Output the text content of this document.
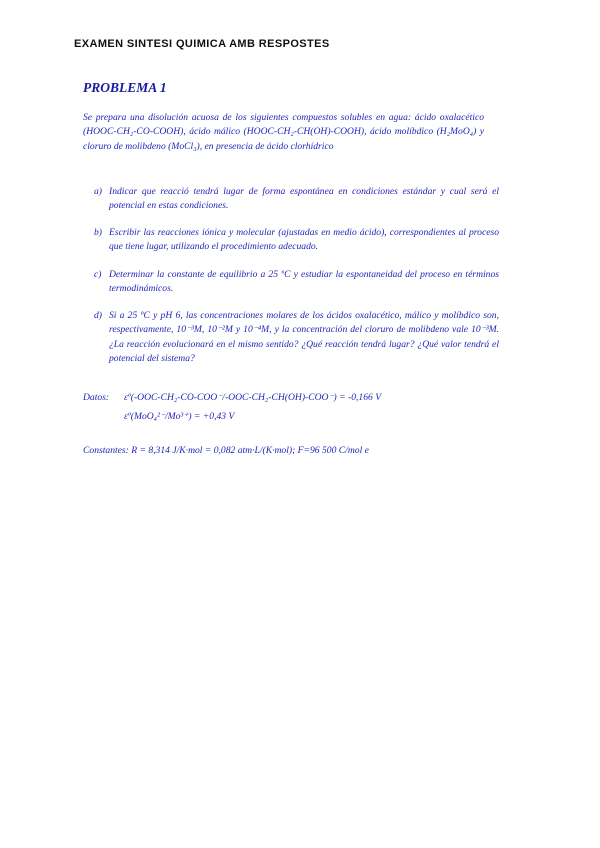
EXAMEN SINTESI QUIMICA AMB RESPOSTES
PROBLEMA 1
Se prepara una disolución acuosa de los siguientes compuestos solubles en agua: ácido oxalacético (HOOC-CH₂-CO-COOH), ácido málico (HOOC-CH₂-CH(OH)-COOH), ácido molíbdico (H₂MoO₄) y cloruro de molibdeno (MoCl₃), en presencia de ácido clorhídrico
a) Indicar que reacció tendrá lugar de forma espontánea en condiciones estándar y cual será el potencial en estas condiciones.
b) Escribir las reacciones iónica y molecular (ajustadas en medio ácido), correspondientes al proceso que tiene lugar, utilizando el procedimiento adecuado.
c) Determinar la constante de equilibrio a 25 ºC y estudiar la espontaneidad del proceso en términos termodinámicos.
d) Si a 25 ºC y pH 6, las concentraciones molares de los ácidos oxalacético, málico y molíbdico son, respectivamente, 10⁻³M, 10⁻²M y 10⁻⁴M, y la concentración del cloruro de molibdeno vale 10⁻³M. ¿La reacción evolucionará en el mismo sentido? ¿Qué reacción tendrá lugar? ¿Qué valor tendrá el potencial del sistema?
Datos: εº(-OOC-CH₂-CO-COO⁻/-OOC-CH₂-CH(OH)-COO⁻) = -0,166 V
εº(MoO₄²⁻/Mo³⁺) = +0,43 V
Constantes: R = 8,314 J/K·mol = 0,082 atm·L/(K·mol); F=96 500 C/mol e
